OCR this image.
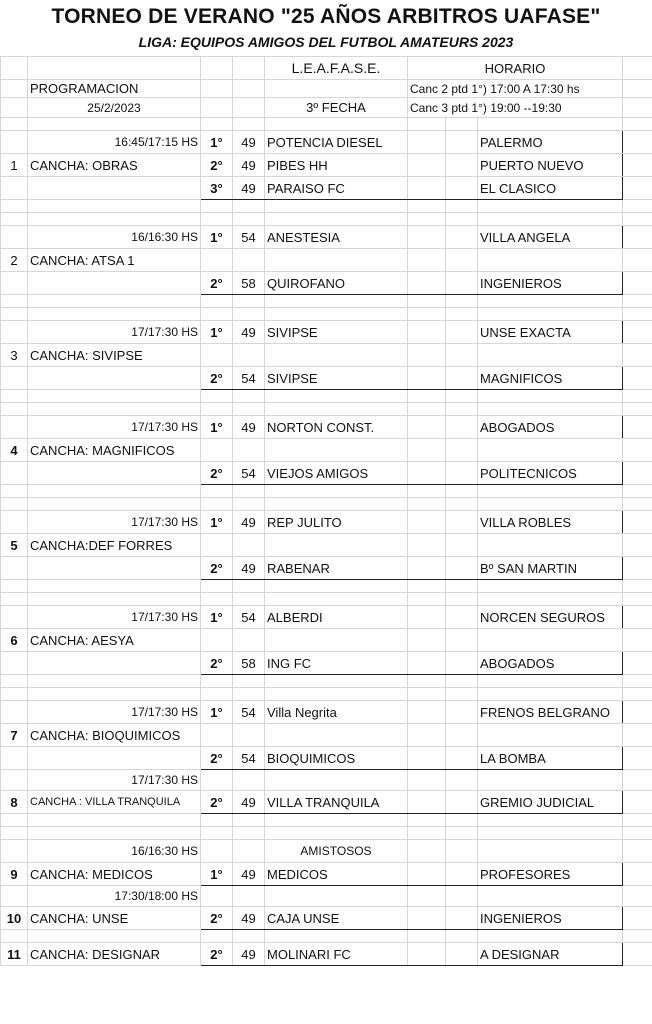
TORNEO DE VERANO "25 AÑOS ARBITROS UAFASE"
LIGA: EQUIPOS AMIGOS DEL FUTBOL AMATEURS 2023
				L.E.A.F.A.S.E.	HORARIO			
	PROGRAMACION				Canc 2 ptd 1°) 17:00 A 17:30 hs			
	25/2/2023			3º FECHA	Canc 3 ptd 1°) 19:00 --19:30			

	16:45/17:15 HS	1°	49	POTENCIA DIESEL			PALERMO	
1	CANCHA: OBRAS	2°	49	PIBES HH			PUERTO NUEVO	
		3°	49	PARAISO FC			EL CLASICO	

	16/16:30 HS	1°	54	ANESTESIA			VILLA ANGELA	
2	CANCHA: ATSA 1							
		2°	58	QUIROFANO			INGENIEROS	

	17/17:30 HS	1°	49	SIVIPSE			UNSE EXACTA	
3	CANCHA: SIVIPSE							
		2°	54	SIVIPSE			MAGNIFICOS	

	17/17:30 HS	1°	49	NORTON CONST.			ABOGADOS	
4	CANCHA: MAGNIFICOS							
		2°	54	VIEJOS AMIGOS			POLITECNICOS	

	17/17:30 HS	1°	49	REP JULITO			VILLA ROBLES	
5	CANCHA:DEF FORRES							
		2°	49	RABENAR			Bº SAN MARTIN	

	17/17:30 HS	1°	54	ALBERDI			NORCEN SEGUROS	
6	CANCHA: AESYA							
		2°	58	ING FC			ABOGADOS	

	17/17:30 HS	1°	54	Villa Negrita			FRENOS BELGRANO	
7	CANCHA: BIOQUIMICOS							
		2°	54	BIOQUIMICOS			LA BOMBA	
	17/17:30 HS							
8	CANCHA : VILLA TRANQUILA	2°	49	VILLA TRANQUILA			GREMIO JUDICIAL	

	16/16:30 HS			AMISTOSOS				
9	CANCHA: MEDICOS	1°	49	MEDICOS			PROFESORES	
	17:30/18:00 HS							
10	CANCHA: UNSE	2°	49	CAJA UNSE			INGENIEROS	

11	CANCHA: DESIGNAR	2°	49	MOLINARI FC			A DESIGNAR	
